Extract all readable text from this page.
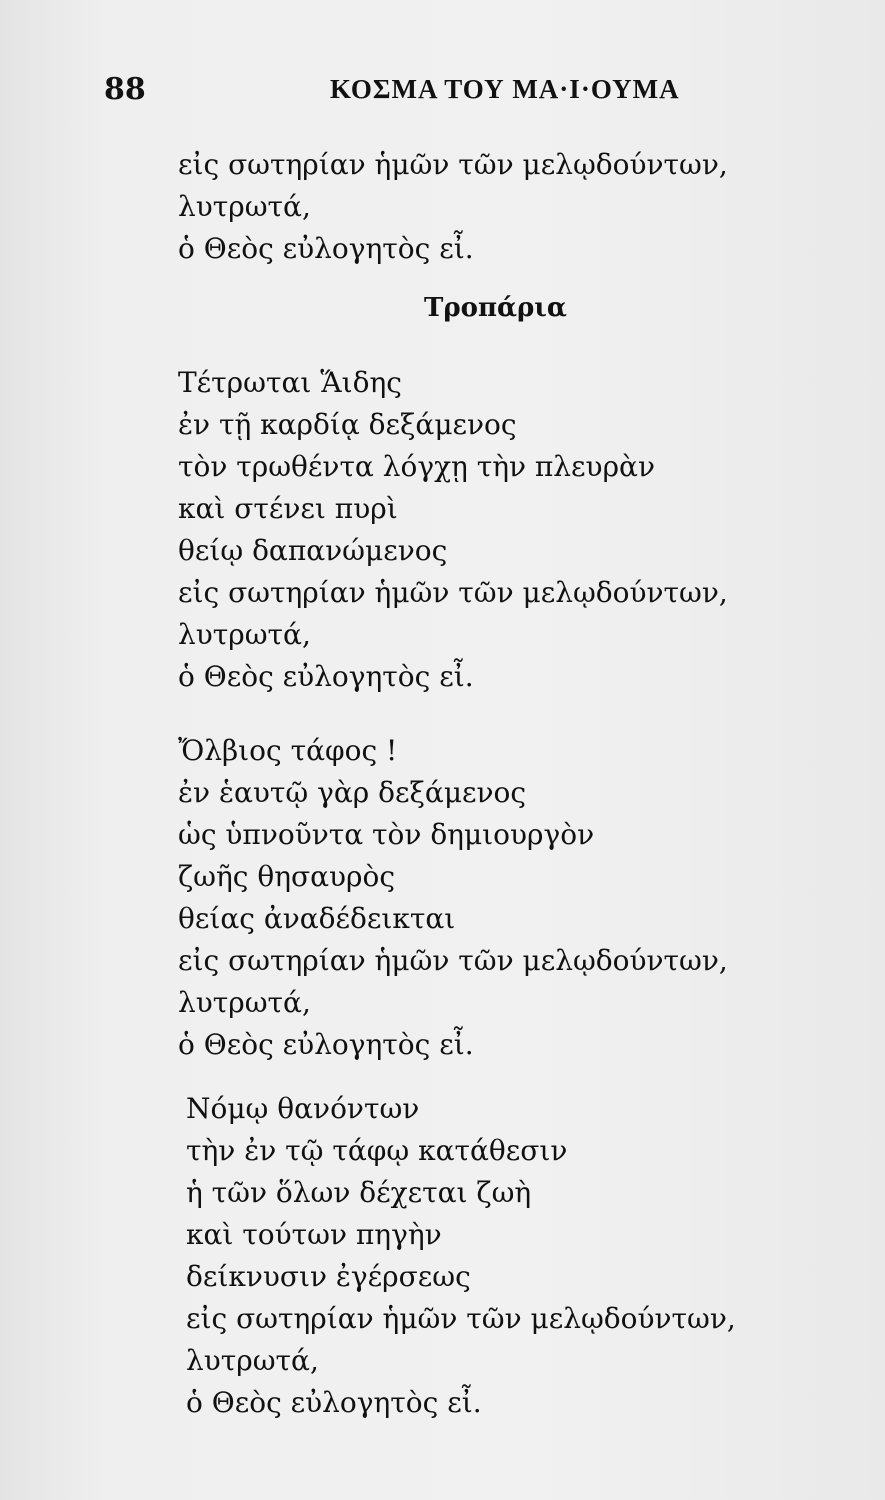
88	ΚΟΣΜΑ ΤΟΥ ΜΑ·Ι·ΟΥΜΑ
εἰς σωτηρίαν ἡμῶν τῶν μελῳδούντων,
λυτρωτά,
ὁ Θεὸς εὐλογητὸς εἶ.
Τροπάρια
Τέτρωται Ἅιδης
ἐν τῇ καρδίᾳ δεξάμενος
τὸν τρωθέντα λόγχῃ τὴν πλευρὰν
καὶ στένει πυρὶ
θείῳ δαπανώμενος
εἰς σωτηρίαν ἡμῶν τῶν μελῳδούντων,
λυτρωτά,
ὁ Θεὸς εὐλογητὸς εἶ.
Ὄλβιος τάφος !
ἐν ἑαυτῷ γὰρ δεξάμενος
ὡς ὑπνοῦντα τὸν δημιουργὸν
ζωῆς θησαυρὸς
θείας ἀναδέδεικται
εἰς σωτηρίαν ἡμῶν τῶν μελῳδούντων,
λυτρωτά,
ὁ Θεὸς εὐλογητὸς εἶ.
Νόμῳ θανόντων
τὴν ἐν τῷ τάφῳ κατάθεσιν
ἡ τῶν ὅλων δέχεται ζωὴ
καὶ τούτων πηγὴν
δείκνυσιν ἐγέρσεως
εἰς σωτηρίαν ἡμῶν τῶν μελῳδούντων,
λυτρωτά,
ὁ Θεὸς εὐλογητὸς εἶ.
